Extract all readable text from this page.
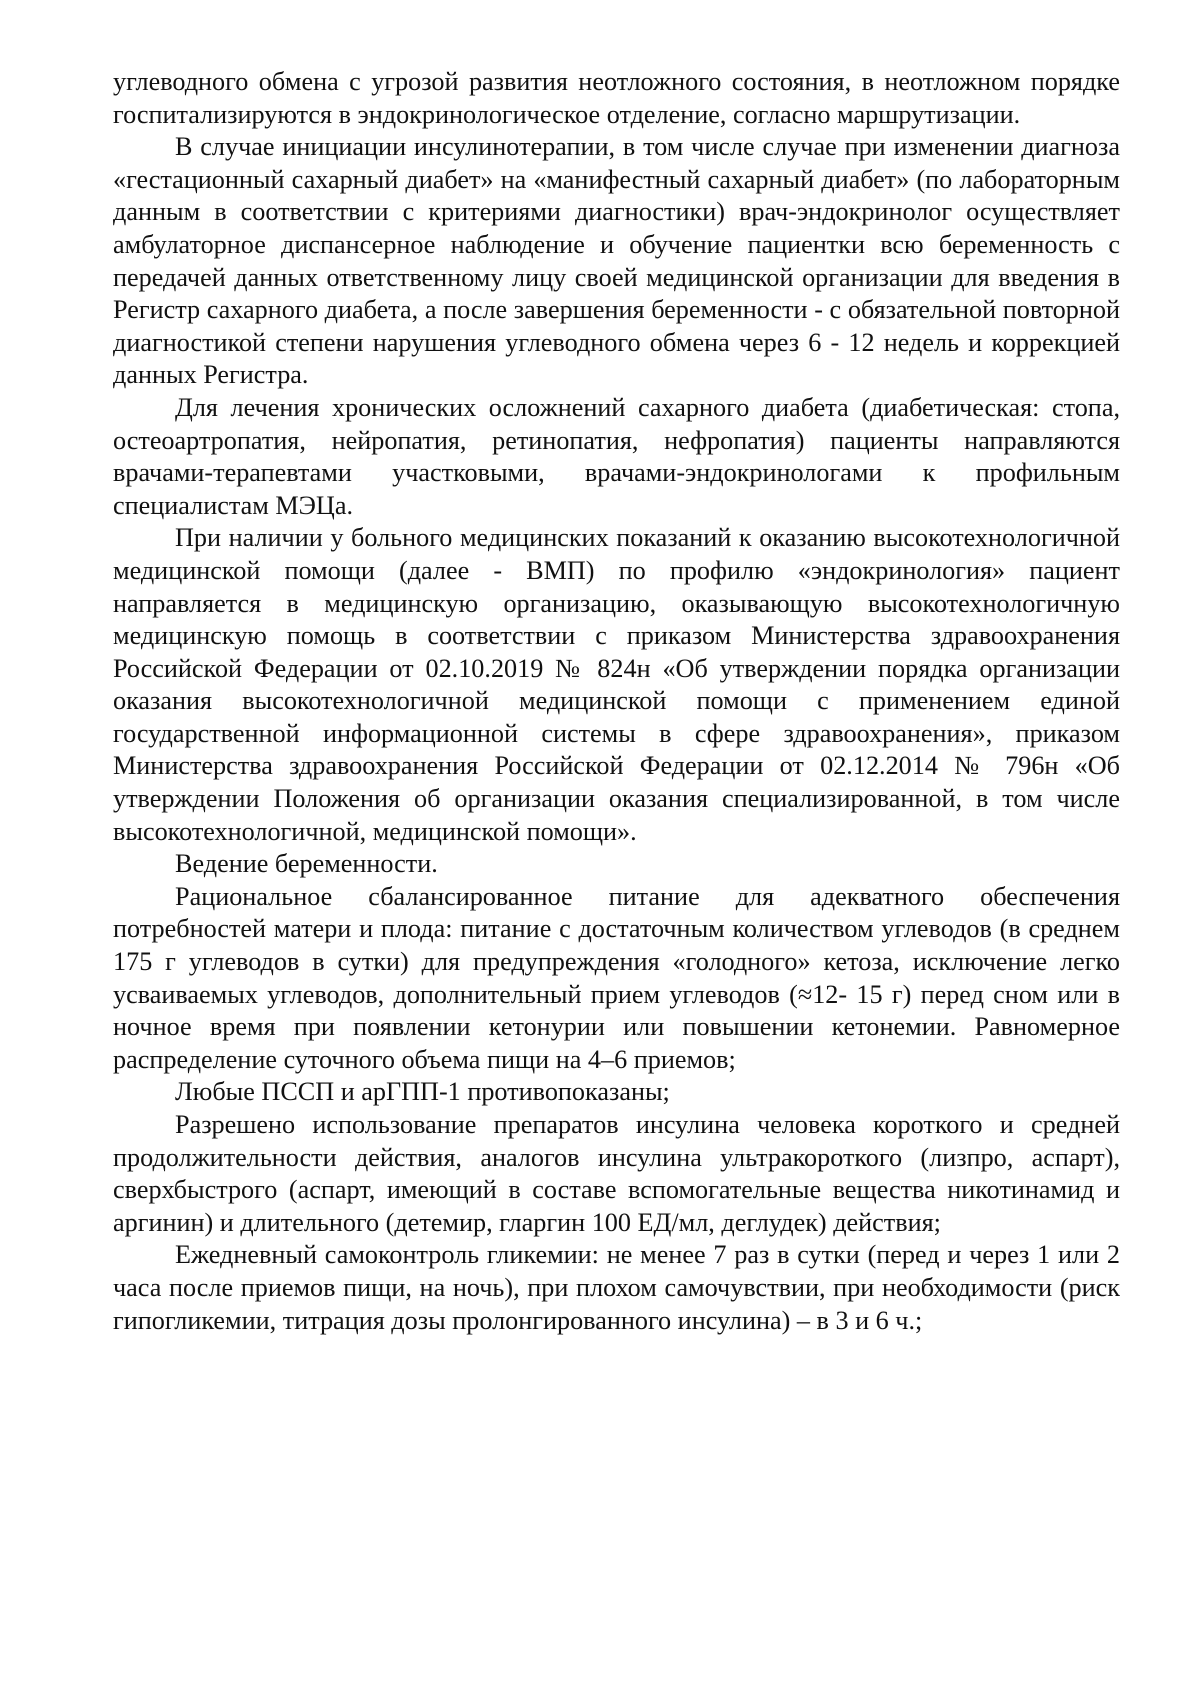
углеводного обмена с угрозой развития неотложного состояния, в неотложном порядке госпитализируются в эндокринологическое отделение, согласно маршрутизации.

В случае инициации инсулинотерапии, в том числе случае при изменении диагноза «гестационный сахарный диабет» на «манифестный сахарный диабет» (по лабораторным данным в соответствии с критериями диагностики) врач-эндокринолог осуществляет амбулаторное диспансерное наблюдение и обучение пациентки всю беременность с передачей данных ответственному лицу своей медицинской организации для введения в Регистр сахарного диабета, а после завершения беременности - с обязательной повторной диагностикой степени нарушения углеводного обмена через 6 - 12 недель и коррекцией данных Регистра.

Для лечения хронических осложнений сахарного диабета (диабетическая: стопа, остеоартропатия, нейропатия, ретинопатия, нефропатия) пациенты направляются врачами-терапевтами участковыми, врачами-эндокринологами к профильным специалистам МЭЦа.

При наличии у больного медицинских показаний к оказанию высокотехнологичной медицинской помощи (далее - ВМП) по профилю «эндокринология» пациент направляется в медицинскую организацию, оказывающую высокотехнологичную медицинскую помощь в соответствии с приказом Министерства здравоохранения Российской Федерации от 02.10.2019 № 824н «Об утверждении порядка организации оказания высокотехнологичной медицинской помощи с применением единой государственной информационной системы в сфере здравоохранения», приказом Министерства здравоохранения Российской Федерации от 02.12.2014 № 796н «Об утверждении Положения об организации оказания специализированной, в том числе высокотехнологичной, медицинской помощи».

Ведение беременности.

Рациональное сбалансированное питание для адекватного обеспечения потребностей матери и плода: питание с достаточным количеством углеводов (в среднем 175 г углеводов в сутки) для предупреждения «голодного» кетоза, исключение легко усваиваемых углеводов, дополнительный прием углеводов (≈12- 15 г) перед сном или в ночное время при появлении кетонурии или повышении кетонемии. Равномерное распределение суточного объема пищи на 4–6 приемов;

Любые ПССП и арГПП-1 противопоказаны;

Разрешено использование препаратов инсулина человека короткого и средней продолжительности действия, аналогов инсулина ультракороткого (лизпро, аспарт), сверхбыстрого (аспарт, имеющий в составе вспомогательные вещества никотинамид и аргинин) и длительного (детемир, гларгин 100 ЕД/мл, деглудек) действия;

Ежедневный самоконтроль гликемии: не менее 7 раз в сутки (перед и через 1 или 2 часа после приемов пищи, на ночь), при плохом самочувствии, при необходимости (риск гипогликемии, титрация дозы пролонгированного инсулина) – в 3 и 6 ч.;
